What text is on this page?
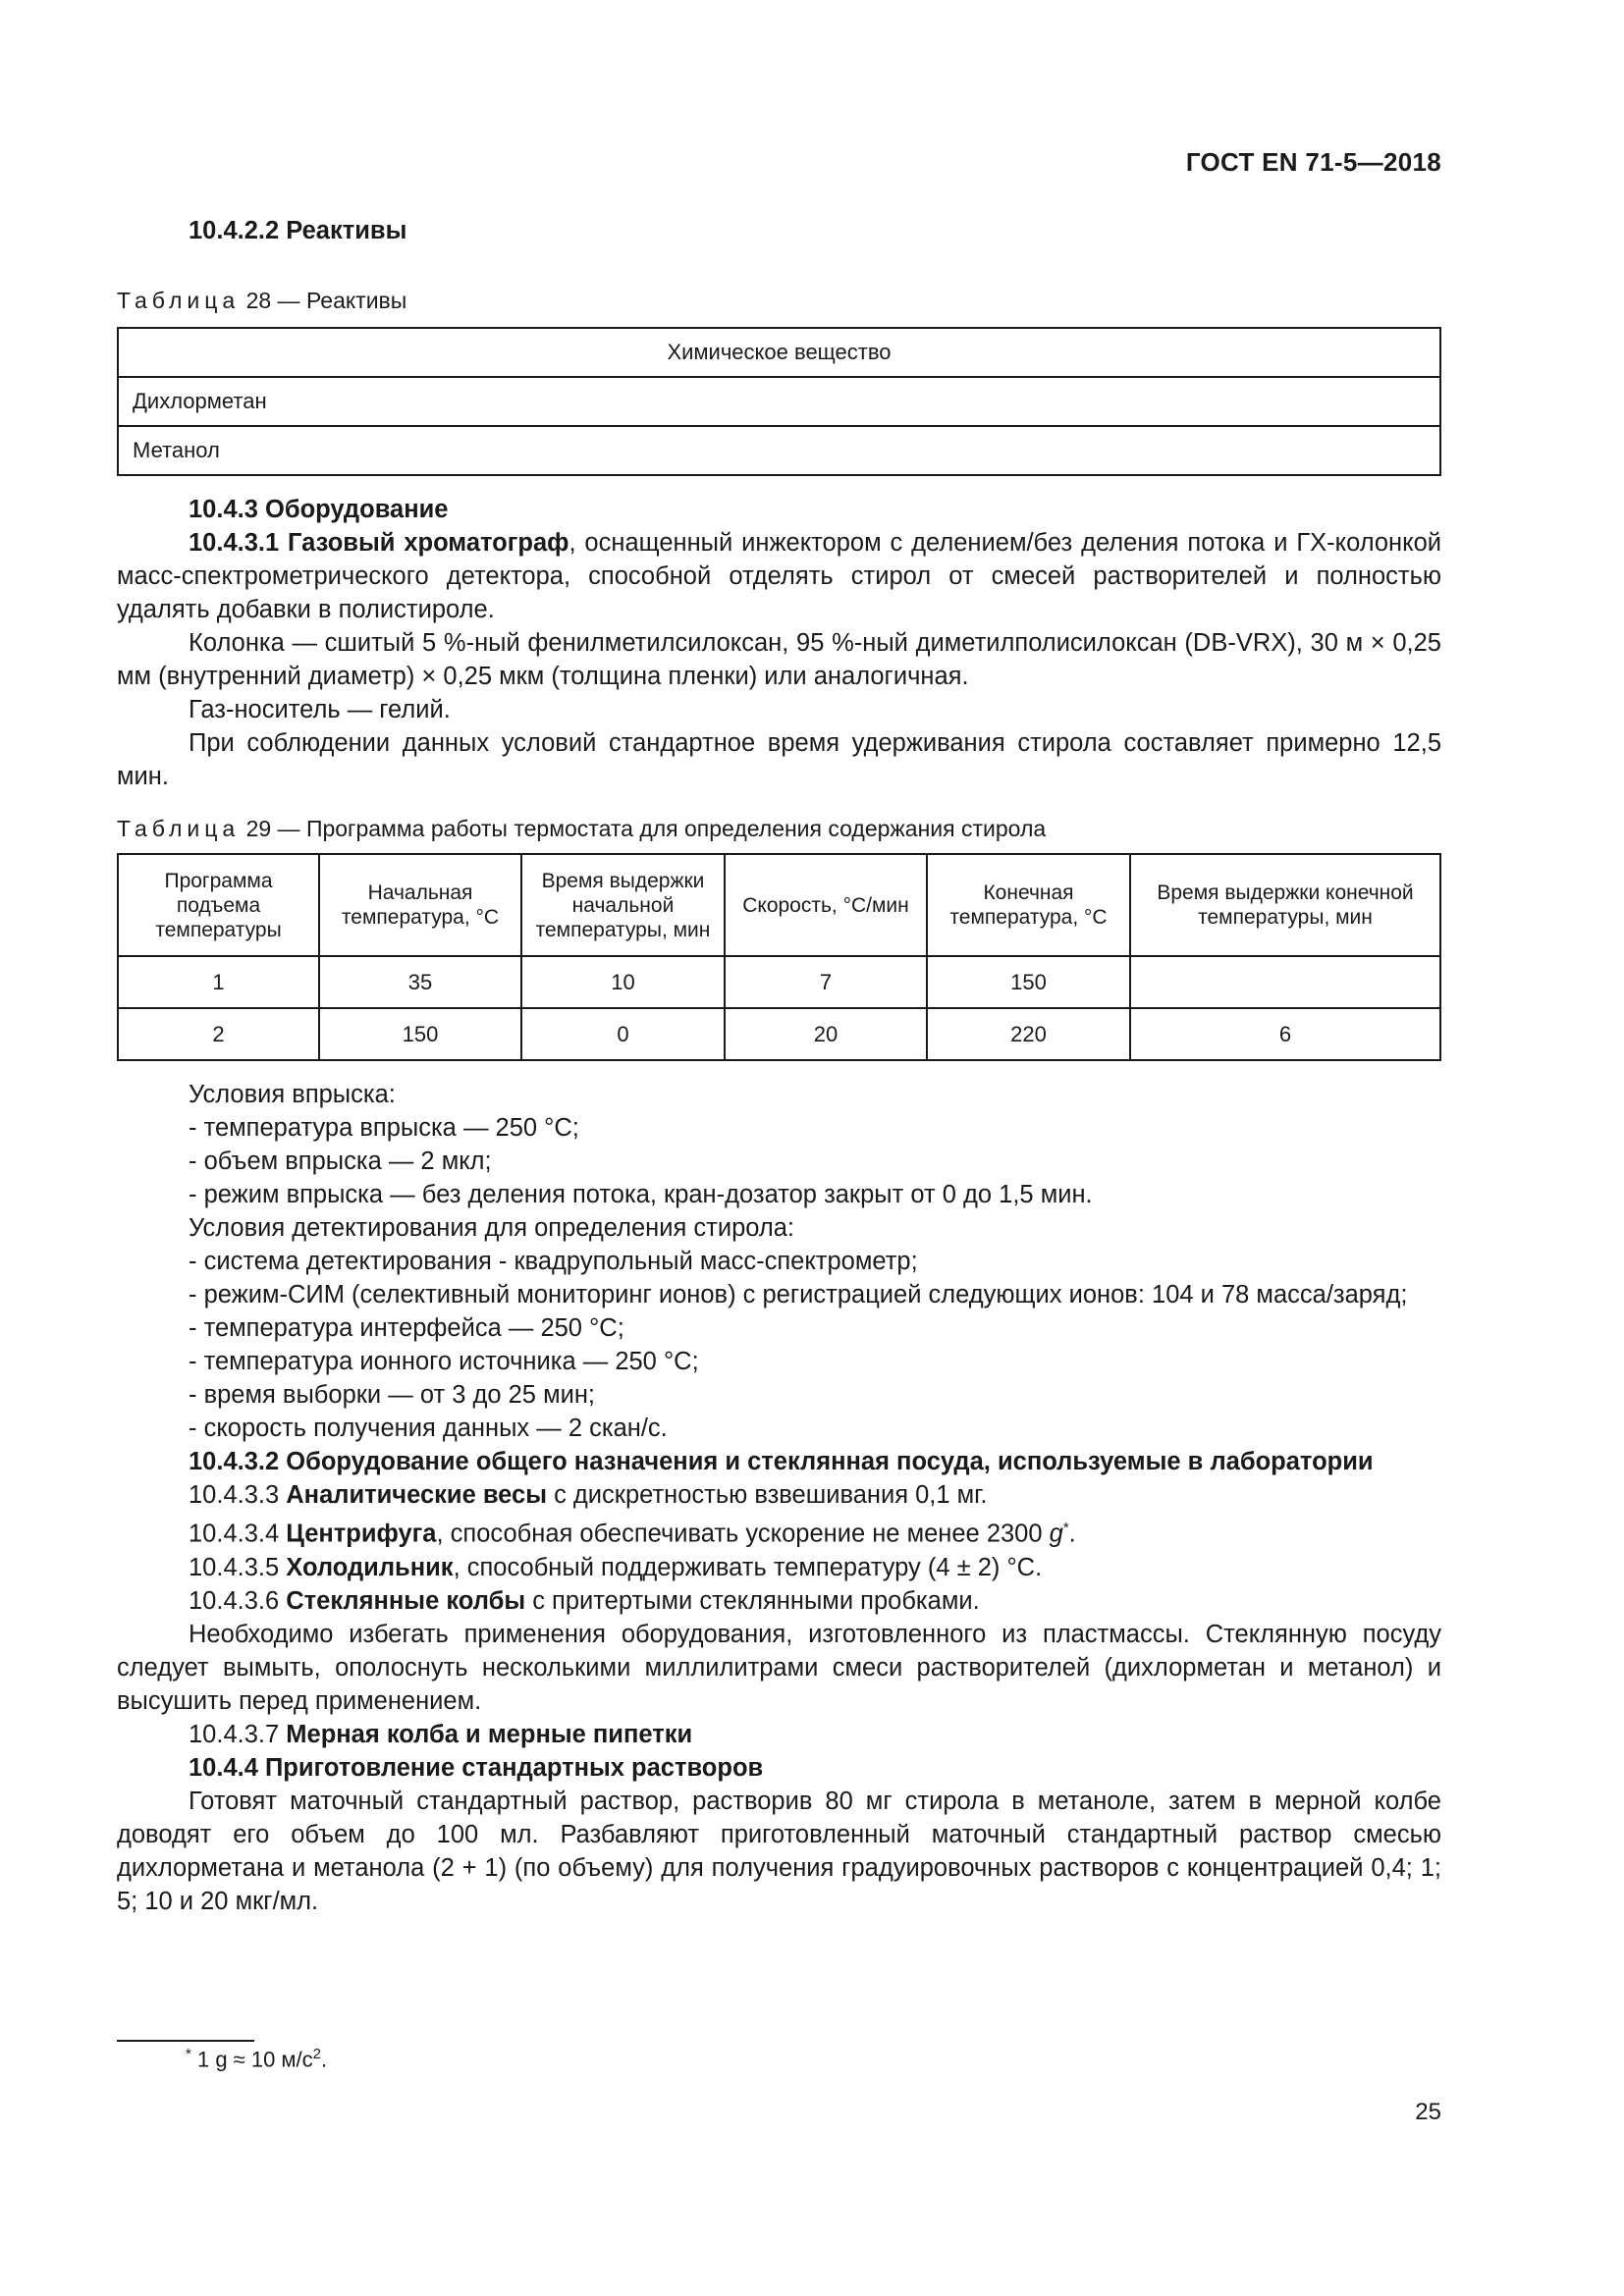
ГОСТ EN 71-5—2018
10.4.2.2 Реактивы
Таблица 28 — Реактивы
Химическое вещество
Дихлорметан
Метанол

10.4.3 Оборудование

10.4.3.1 Газовый хроматограф, оснащенный инжектором с делением/без деления потока и ГХ-колонкой масс-спектрометрического детектора, способной отделять стирол от смесей растворителей и полностью удалять добавки в полистироле.

Колонка — сшитый 5 %-ный фенилметилсилоксан, 95 %-ный диметилполисилоксан (DB-VRX), 30 м × 0,25 мм (внутренний диаметр) × 0,25 мкм (толщина пленки) или аналогичная.

Газ-носитель — гелий.

При соблюдении данных условий стандартное время удерживания стирола составляет примерно 12,5 мин.

Таблица 29 — Программа работы термостата для определения содержания стирола
Программа подъема температуры	Начальная температура, °C	Время выдержки начальной температуры, мин	Скорость, °C/мин	Конечная температура, °C	Время выдержки конечной температуры, мин
1	35	10	7	150	
2	150	0	20	220	6

Условия впрыска:

- температура впрыска — 250 °C;

- объем впрыска — 2 мкл;

- режим впрыска — без деления потока, кран-дозатор закрыт от 0 до 1,5 мин.

Условия детектирования для определения стирола:

- система детектирования - квадрупольный масс-спектрометр;

- режим-СИМ (селективный мониторинг ионов) с регистрацией следующих ионов: 104 и 78 масса/заряд;

- температура интерфейса — 250 °C;

- температура ионного источника — 250 °C;

- время выборки — от 3 до 25 мин;

- скорость получения данных — 2 скан/с.

10.4.3.2 Оборудование общего назначения и стеклянная посуда, используемые в лаборатории

10.4.3.3 Аналитические весы с дискретностью взвешивания 0,1 мг.

10.4.3.4 Центрифуга, способная обеспечивать ускорение не менее 2300 g*.

10.4.3.5 Холодильник, способный поддерживать температуру (4 ± 2) °C.

10.4.3.6 Стеклянные колбы с притертыми стеклянными пробками.

Необходимо избегать применения оборудования, изготовленного из пластмассы. Стеклянную посуду следует вымыть, ополоснуть несколькими миллилитрами смеси растворителей (дихлорметан и метанол) и высушить перед применением.

10.4.3.7 Мерная колба и мерные пипетки

10.4.4 Приготовление стандартных растворов

Готовят маточный стандартный раствор, растворив 80 мг стирола в метаноле, затем в мерной колбе доводят его объем до 100 мл. Разбавляют приготовленный маточный стандартный раствор смесью дихлорметана и метанола (2 + 1) (по объему) для получения градуировочных растворов с концентрацией 0,4; 1; 5; 10 и 20 мкг/мл.

* 1 g ≈ 10 $м/с^2$.
25
